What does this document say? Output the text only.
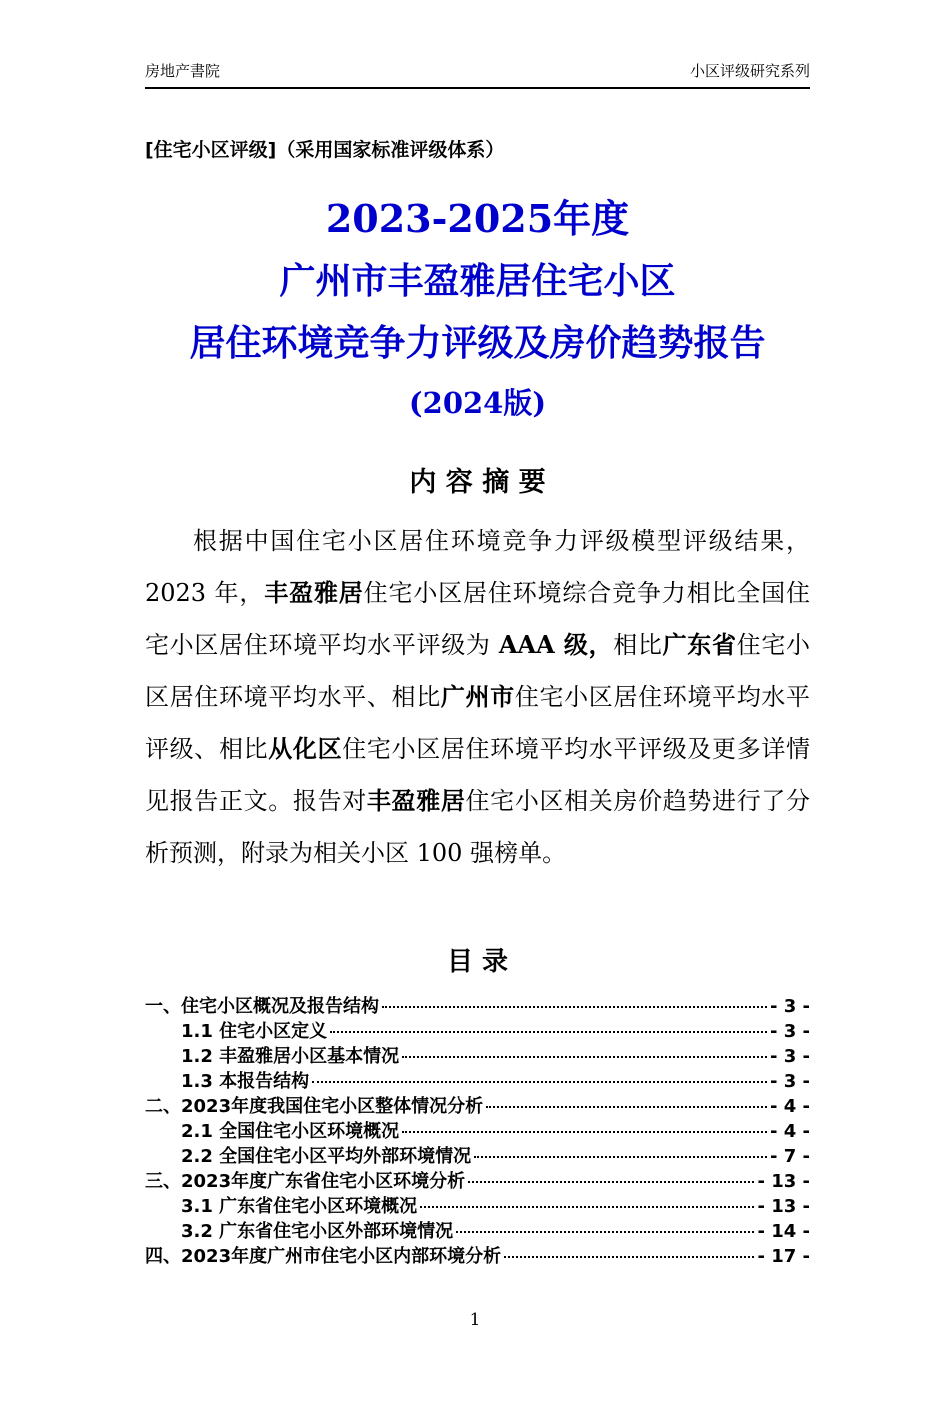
房地产書院	小区评级研究系列
[住宅小区评级]（采用国家标准评级体系）
2023-2025年度
广州市丰盈雅居住宅小区
居住环境竞争力评级及房价趋势报告
(2024版)
内 容 摘 要

根据中国住宅小区居住环境竞争力评级模型评级结果，2023 年，丰盈雅居住宅小区居住环境综合竞争力相比全国住宅小区居住环境平均水平评级为 AAA 级，相比广东省住宅小区居住环境平均水平、相比广州市住宅小区居住环境平均水平评级、相比从化区住宅小区居住环境平均水平评级及更多详情见报告正文。报告对丰盈雅居住宅小区相关房价趋势进行了分析预测，附录为相关小区 100 强榜单。

目 录
一、住宅小区概况及报告结构	- 3 -
1.1 住宅小区定义	- 3 -
1.2 丰盈雅居小区基本情况	- 3 -
1.3 本报告结构	- 3 -
二、2023年度我国住宅小区整体情况分析	- 4 -
2.1 全国住宅小区环境概况	- 4 -
2.2 全国住宅小区平均外部环境情况	- 7 -
三、2023年度广东省住宅小区环境分析	- 13 -
3.1 广东省住宅小区环境概况	- 13 -
3.2 广东省住宅小区外部环境情况	- 14 -
四、2023年度广州市住宅小区内部环境分析	- 17 -
1
